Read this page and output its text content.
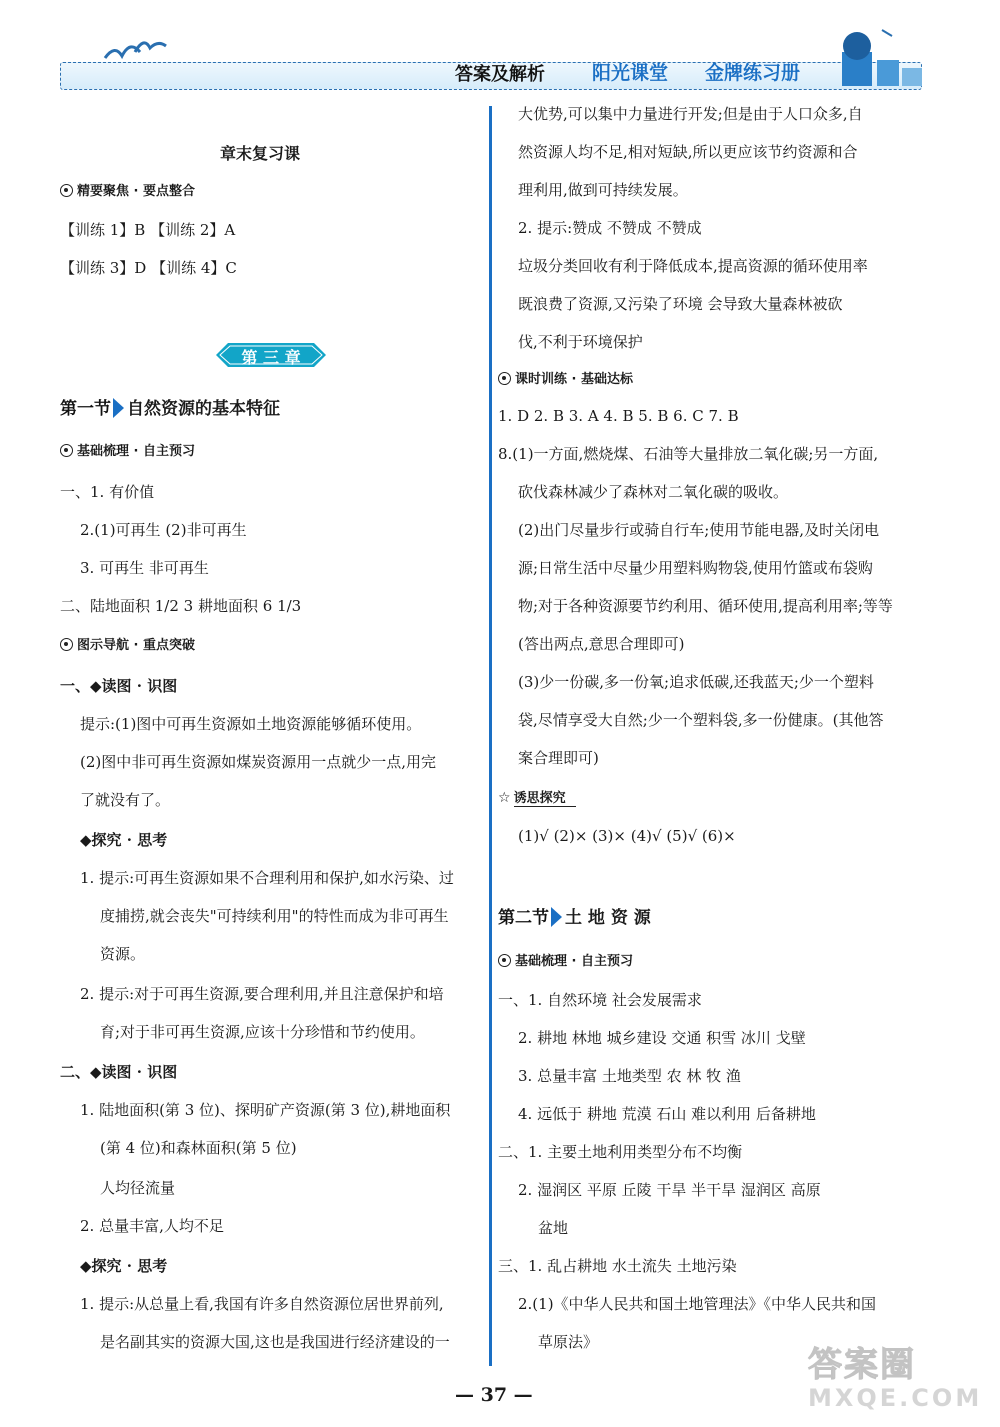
答案及解析 阳光课堂 金牌练习册
章末复习课
精要聚焦 · 要点整合
【训练 1】B 【训练 2】A
【训练 3】D 【训练 4】C
第 三 章
第一节 自然资源的基本特征
基础梳理 · 自主预习
一、1. 有价值
2.(1)可再生 (2)非可再生
3. 可再生 非可再生
二、陆地面积 1/2 3 耕地面积 6 1/3
图示导航 · 重点突破
一、◆读图 · 识图
提示:(1)图中可再生资源如土地资源能够循环使用。
(2)图中非可再生资源如煤炭资源用一点就少一点,用完
了就没有了。
◆探究 · 思考
1. 提示:可再生资源如果不合理利用和保护,如水污染、过
度捕捞,就会丧失"可持续利用"的特性而成为非可再生
资源。
2. 提示:对于可再生资源,要合理利用,并且注意保护和培
育;对于非可再生资源,应该十分珍惜和节约使用。
二、◆读图 · 识图
1. 陆地面积(第 3 位)、探明矿产资源(第 3 位),耕地面积
(第 4 位)和森林面积(第 5 位)
人均径流量
2. 总量丰富,人均不足
◆探究 · 思考
1. 提示:从总量上看,我国有许多自然资源位居世界前列,
是名副其实的资源大国,这也是我国进行经济建设的一
大优势,可以集中力量进行开发;但是由于人口众多,自
然资源人均不足,相对短缺,所以更应该节约资源和合
理利用,做到可持续发展。
2. 提示:赞成 不赞成 不赞成
垃圾分类回收有利于降低成本,提高资源的循环使用率
既浪费了资源,又污染了环境 会导致大量森林被砍
伐,不利于环境保护
课时训练 · 基础达标
1. D 2. B 3. A 4. B 5. B 6. C 7. B
8.(1)一方面,燃烧煤、石油等大量排放二氧化碳;另一方面,
砍伐森林减少了森林对二氧化碳的吸收。
(2)出门尽量步行或骑自行车;使用节能电器,及时关闭电
源;日常生活中尽量少用塑料购物袋,使用竹篮或布袋购
物;对于各种资源要节约利用、循环使用,提高利用率;等等
(答出两点,意思合理即可)
(3)少一份碳,多一份氧;追求低碳,还我蓝天;少一个塑料
袋,尽情享受大自然;少一个塑料袋,多一份健康。(其他答
案合理即可)
☆ 诱思探究
(1)√ (2)× (3)× (4)√ (5)√ (6)×
第二节 土 地 资 源
基础梳理 · 自主预习
一、1. 自然环境 社会发展需求
2. 耕地 林地 城乡建设 交通 积雪 冰川 戈壁
3. 总量丰富 土地类型 农 林 牧 渔
4. 远低于 耕地 荒漠 石山 难以利用 后备耕地
二、1. 主要土地利用类型分布不均衡
2. 湿润区 平原 丘陵 干旱 半干旱 湿润区 高原
盆地
三、1. 乱占耕地 水土流失 土地污染
2.(1)《中华人民共和国土地管理法》《中华人民共和国
草原法》
— 37 —
答案圈
MXQE.COM
